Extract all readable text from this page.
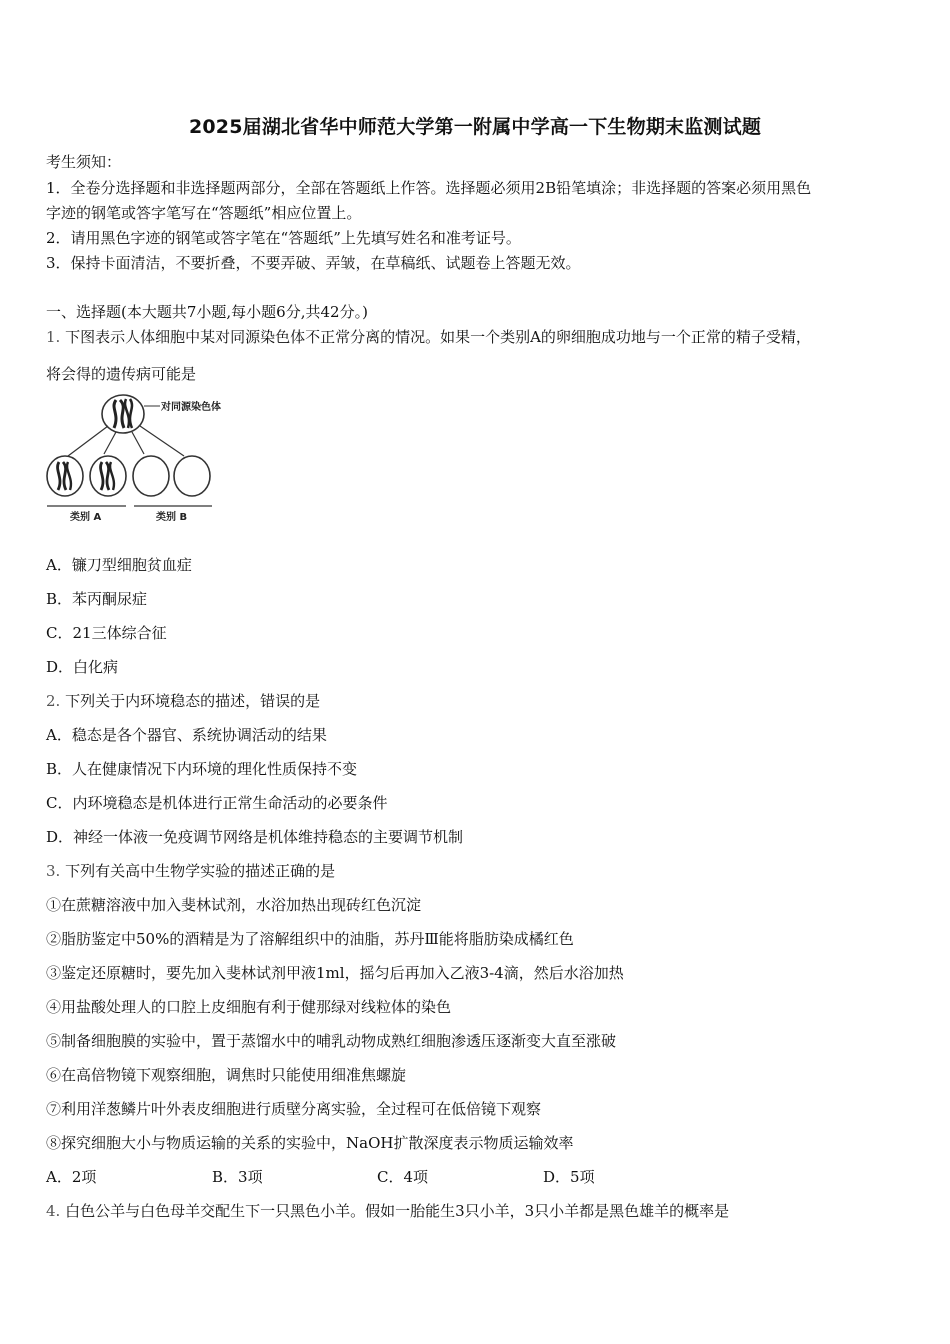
2025届湖北省华中师范大学第一附属中学高一下生物期末监测试题
考生须知：
1．全卷分选择题和非选择题两部分，全部在答题纸上作答。选择题必须用2B铅笔填涂；非选择题的答案必须用黑色
字迹的钢笔或答字笔写在“答题纸”相应位置上。
2．请用黑色字迹的钢笔或答字笔在“答题纸”上先填写姓名和准考证号。
3．保持卡面清洁，不要折叠，不要弄破、弄皱，在草稿纸、试题卷上答题无效。
一、选择题(本大题共7小题,每小题6分,共42分。)
1. 下图表示人体细胞中某对同源染色体不正常分离的情况。如果一个类别A的卵细胞成功地与一个正常的精子受精，
将会得的遗传病可能是
对同源染色体
类别 A	类别 B
A．镰刀型细胞贫血症
B．苯丙酮尿症
C．21三体综合征
D．白化病
2. 下列关于内环境稳态的描述，错误的是
A．稳态是各个器官、系统协调活动的结果
B．人在健康情况下内环境的理化性质保持不变
C．内环境稳态是机体进行正常生命活动的必要条件
D．神经一体液一免疫调节网络是机体维持稳态的主要调节机制
3. 下列有关高中生物学实验的描述正确的是
①在蔗糖溶液中加入斐林试剂，水浴加热出现砖红色沉淀
②脂肪鉴定中50%的酒精是为了溶解组织中的油脂，苏丹Ⅲ能将脂肪染成橘红色
③鉴定还原糖时，要先加入斐林试剂甲液1ml，摇匀后再加入乙液3-4滴，然后水浴加热
④用盐酸处理人的口腔上皮细胞有利于健那绿对线粒体的染色
⑤制备细胞膜的实验中，置于蒸馏水中的哺乳动物成熟红细胞渗透压逐渐变大直至涨破
⑥在高倍物镜下观察细胞，调焦时只能使用细准焦螺旋
⑦利用洋葱鳞片叶外表皮细胞进行质壁分离实验，全过程可在低倍镜下观察
⑧探究细胞大小与物质运输的关系的实验中，NaOH扩散深度表示物质运输效率
A．2项	B．3项	C．4项	D．5项
4. 白色公羊与白色母羊交配生下一只黑色小羊。假如一胎能生3只小羊，3只小羊都是黑色雄羊的概率是
